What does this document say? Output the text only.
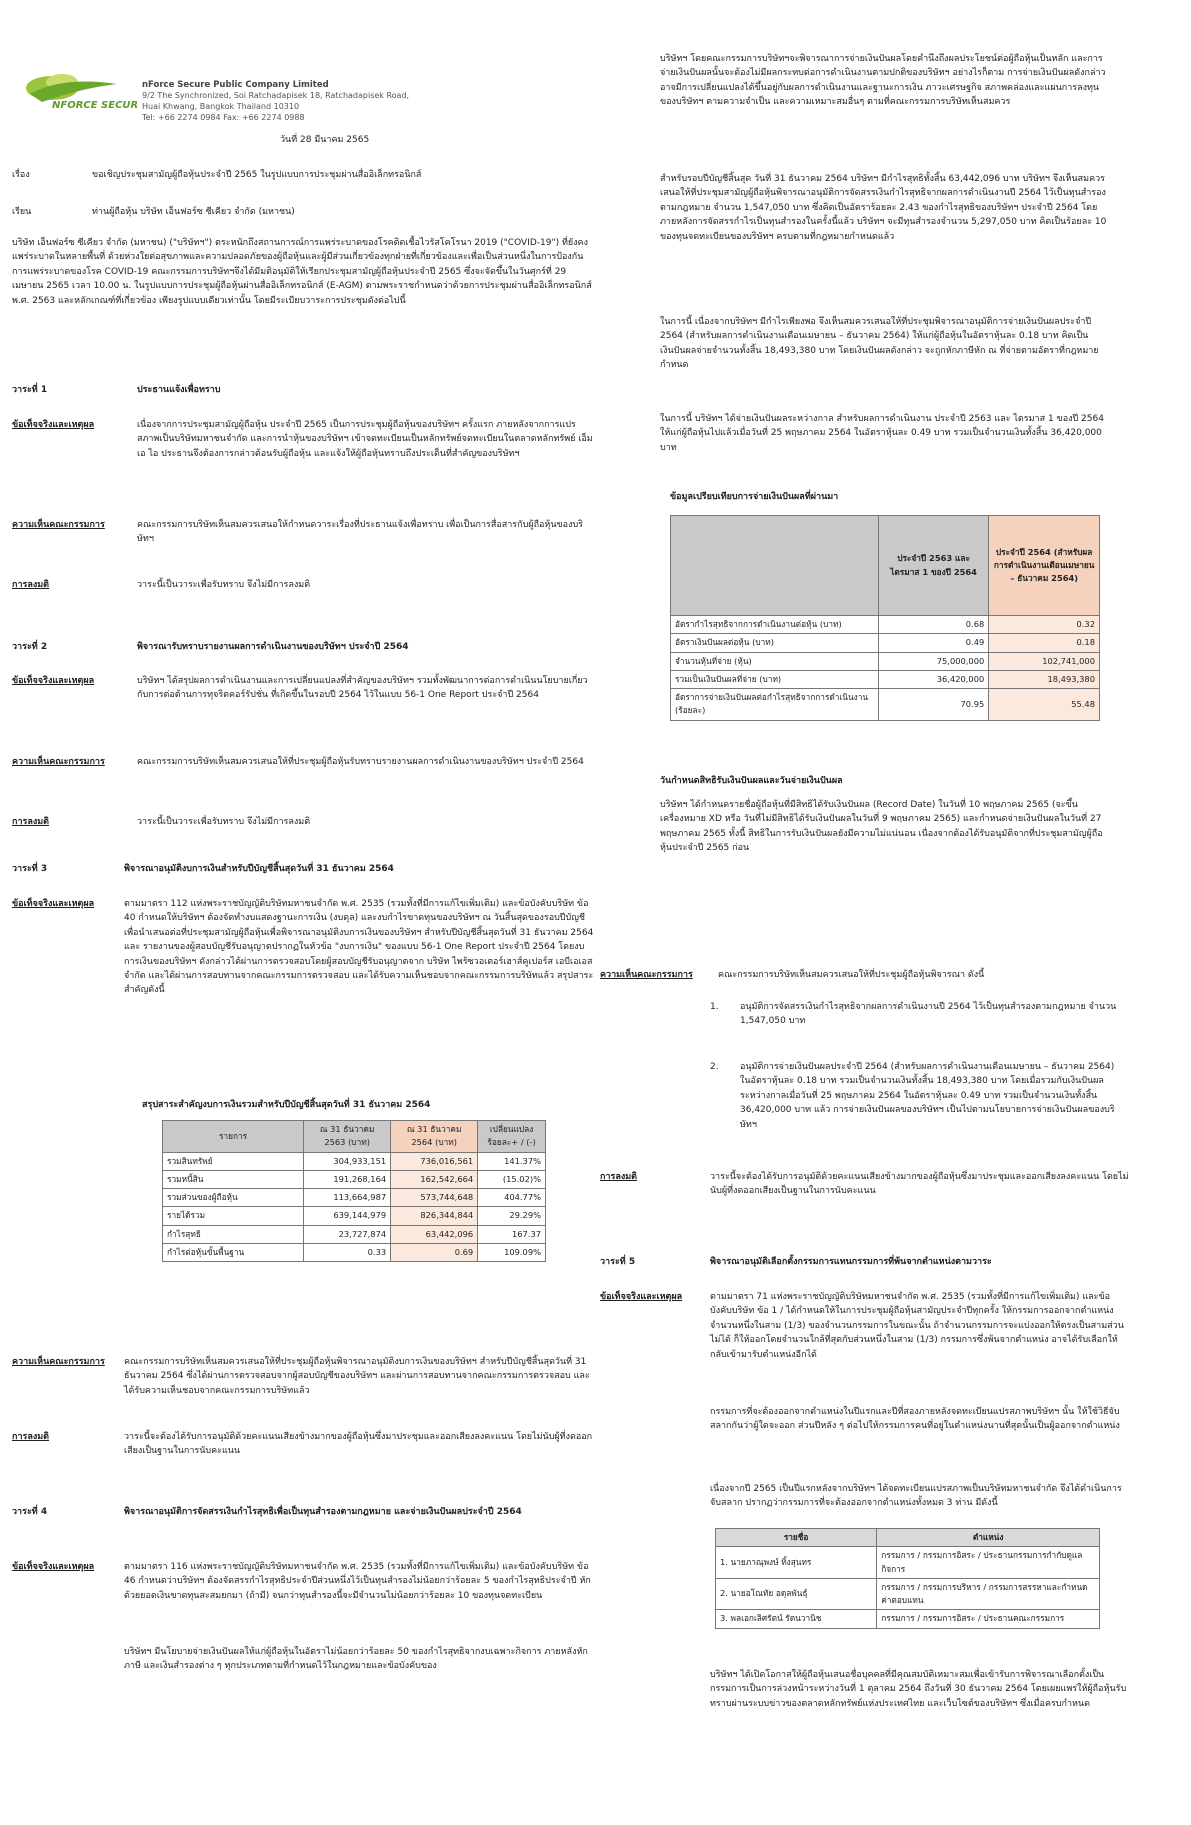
NFORCE SECURE
nForce Secure Public Company Limited
9/2 The Synchronized, Soi Ratchadapisek 18, Ratchadapisek Road,
Huai Khwang, Bangkok Thailand 10310
Tel: +66 2274 0984 Fax: +66 2274 0988
วันที่ 28 มีนาคม 2565
เรื่อง	ขอเชิญประชุมสามัญผู้ถือหุ้นประจำปี 2565 ในรูปแบบการประชุมผ่านสื่ออิเล็กทรอนิกส์
เรียน	ท่านผู้ถือหุ้น บริษัท เอ็นฟอร์ซ ซีเคียว จำกัด (มหาชน)

บริษัท เอ็นฟอร์ซ ซีเคียว จำกัด (มหาชน) ("บริษัทฯ") ตระหนักถึงสถานการณ์การแพร่ระบาดของโรคติดเชื้อไวรัสโคโรนา 2019 ("COVID-19") ที่ยังคงแพร่ระบาดในหลายพื้นที่ ด้วยห่วงใยต่อสุขภาพและความปลอดภัยของผู้ถือหุ้นและผู้มีส่วนเกี่ยวข้องทุกฝ่ายที่เกี่ยวข้องและเพื่อเป็นส่วนหนึ่งในการป้องกันการแพร่ระบาดของโรค COVID-19 คณะกรรมการบริษัทฯจึงได้มีมติอนุมัติให้เรียกประชุมสามัญผู้ถือหุ้นประจำปี 2565 ซึ่งจะจัดขึ้นในวันศุกร์ที่ 29 เมษายน 2565 เวลา 10.00 น. ในรูปแบบการประชุมผู้ถือหุ้นผ่านสื่ออิเล็กทรอนิกส์ (E-AGM) ตามพระราชกำหนดว่าด้วยการประชุมผ่านสื่ออิเล็กทรอนิกส์ พ.ศ. 2563 และหลักเกณฑ์ที่เกี่ยวข้อง เพียงรูปแบบเดียวเท่านั้น โดยมีระเบียบวาระการประชุมดังต่อไปนี้

วาระที่ 1	ประธานแจ้งเพื่อทราบ
ข้อเท็จจริงและเหตุผล	เนื่องจากการประชุมสามัญผู้ถือหุ้น ประจำปี 2565 เป็นการประชุมผู้ถือหุ้นของบริษัทฯ ครั้งแรก ภายหลังจากการแปรสภาพเป็นบริษัทมหาชนจำกัด และการนำหุ้นของบริษัทฯ เข้าจดทะเบียนเป็นหลักทรัพย์จดทะเบียนในตลาดหลักทรัพย์ เอ็ม เอ ไอ ประธานจึงต้องการกล่าวต้อนรับผู้ถือหุ้น และแจ้งให้ผู้ถือหุ้นทราบถึงประเด็นที่สำคัญของบริษัทฯ

ความเห็นคณะกรรมการ	คณะกรรมการบริษัทเห็นสมควรเสนอให้กำหนดวาระเรื่องที่ประธานแจ้งเพื่อทราบ เพื่อเป็นการสื่อสารกับผู้ถือหุ้นของบริษัทฯ

การลงมติ	วาระนี้เป็นวาระเพื่อรับทราบ จึงไม่มีการลงมติ

วาระที่ 2	พิจารณารับทราบรายงานผลการดำเนินงานของบริษัทฯ ประจำปี 2564
ข้อเท็จจริงและเหตุผล	บริษัทฯ ได้สรุปผลการดำเนินงานและการเปลี่ยนแปลงที่สำคัญของบริษัทฯ รวมทั้งพัฒนาการต่อการดำเนินนโยบายเกี่ยวกับการต่อต้านการทุจริตคอร์รัปชั่น ที่เกิดขึ้นในรอบปี 2564 ไว้ในแบบ 56-1 One Report ประจำปี 2564

ความเห็นคณะกรรมการ	คณะกรรมการบริษัทเห็นสมควรเสนอให้ที่ประชุมผู้ถือหุ้นรับทราบรายงานผลการดำเนินงานของบริษัทฯ ประจำปี 2564

การลงมติ	วาระนี้เป็นวาระเพื่อรับทราบ จึงไม่มีการลงมติ

วาระที่ 3	พิจารณาอนุมัติงบการเงินสำหรับปีบัญชีสิ้นสุดวันที่ 31 ธันวาคม 2564
ข้อเท็จจริงและเหตุผล	ตามมาตรา 112 แห่งพระราชบัญญัติบริษัทมหาชนจำกัด พ.ศ. 2535 (รวมทั้งที่มีการแก้ไขเพิ่มเติม) และข้อบังคับบริษัท ข้อ 40 กำหนดให้บริษัทฯ ต้องจัดทำงบแสดงฐานะการเงิน (งบดุล) และงบกำไรขาดทุนของบริษัทฯ ณ วันสิ้นสุดของรอบปีบัญชี เพื่อนำเสนอต่อที่ประชุมสามัญผู้ถือหุ้นเพื่อพิจารณาอนุมัติงบการเงินของบริษัทฯ สำหรับปีบัญชีสิ้นสุดวันที่ 31 ธันวาคม 2564 และ รายงานของผู้สอบบัญชีรับอนุญาตปรากฏในหัวข้อ "งบการเงิน" ของแบบ 56-1 One Report ประจำปี 2564 โดยงบการเงินของบริษัทฯ ดังกล่าวได้ผ่านการตรวจสอบโดยผู้สอบบัญชีรับอนุญาตจาก บริษัท ไพร้ซวอเตอร์เฮาส์คูเปอร์ส เอบีเอเอส จำกัด และได้ผ่านการสอบทานจากคณะกรรมการตรวจสอบ และได้รับความเห็นชอบจากคณะกรรมการบริษัทแล้ว สรุปสาระสำคัญดังนี้

สรุปสาระสำคัญงบการเงินรวมสำหรับปีบัญชีสิ้นสุดวันที่ 31 ธันวาคม 2564
รายการ	ณ 31 ธันวาคม 2563 (บาท)	ณ 31 ธันวาคม 2564 (บาท)	เปลี่ยนแปลง ร้อยละ+ / (-)
รวมสินทรัพย์	304,933,151	736,016,561	141.37%
รวมหนี้สิน	191,268,164	162,542,664	(15.02)%
รวมส่วนของผู้ถือหุ้น	113,664,987	573,744,648	404.77%
รายได้รวม	639,144,979	826,344,844	29.29%
กำไรสุทธิ	23,727,874	63,442,096	167.37
กำไรต่อหุ้นขั้นพื้นฐาน	0.33	0.69	109.09%
ความเห็นคณะกรรมการ คณะกรรมการบริษัทเห็นสมควรเสนอให้ที่ประชุมผู้ถือหุ้นพิจารณาอนุมัติงบการเงินของบริษัทฯ สำหรับปีบัญชีสิ้นสุดวันที่ 31 ธันวาคม 2564 ซึ่งได้ผ่านการตรวจสอบจากผู้สอบบัญชีของบริษัทฯ และผ่านการสอบทานจากคณะกรรมการตรวจสอบ และได้รับความเห็นชอบจากคณะกรรมการบริษัทแล้ว

การลงมติ	วาระนี้จะต้องได้รับการอนุมัติด้วยคะแนนเสียงข้างมากของผู้ถือหุ้นซึ่งมาประชุมและออกเสียงลงคะแนน โดยไม่นับผู้ที่งดออกเสียงเป็นฐานในการนับคะแนน

วาระที่ 4	พิจารณาอนุมัติการจัดสรรเงินกำไรสุทธิเพื่อเป็นทุนสำรองตามกฎหมาย และจ่ายเงินปันผลประจำปี 2564

ข้อเท็จจริงและเหตุผล	ตามมาตรา 116 แห่งพระราชบัญญัติบริษัทมหาชนจำกัด พ.ศ. 2535 (รวมทั้งที่มีการแก้ไขเพิ่มเติม) และข้อบังคับบริษัท ข้อ 46 กำหนดว่าบริษัทฯ ต้องจัดสรรกำไรสุทธิประจำปีส่วนหนึ่งไว้เป็นทุนสำรองไม่น้อยกว่าร้อยละ 5 ของกำไรสุทธิประจำปี หักด้วยยอดเงินขาดทุนสะสมยกมา (ถ้ามี) จนกว่าทุนสำรองนี้จะมีจำนวนไม่น้อยกว่าร้อยละ 10 ของทุนจดทะเบียน

บริษัทฯ มีนโยบายจ่ายเงินปันผลให้แก่ผู้ถือหุ้นในอัตราไม่น้อยกว่าร้อยละ 50 ของกำไรสุทธิจากงบเฉพาะกิจการ ภายหลังหักภาษี และเงินสำรองต่าง ๆ ทุกประเภทตามที่กำหนดไว้ในกฎหมายและข้อบังคับของ

บริษัทฯ โดยคณะกรรมการบริษัทฯจะพิจารณาการจ่ายเงินปันผลโดยคำนึงถึงผลประโยชน์ต่อผู้ถือหุ้นเป็นหลัก และการจ่ายเงินปันผลนั้นจะต้องไม่มีผลกระทบต่อการดำเนินงานตามปกติของบริษัทฯ อย่างไรก็ตาม การจ่ายเงินปันผลดังกล่าวอาจมีการเปลี่ยนแปลงได้ขึ้นอยู่กับผลการดำเนินงานและฐานะการเงิน ภาวะเศรษฐกิจ สภาพคล่องและแผนการลงทุนของบริษัทฯ ตามความจำเป็น และความเหมาะสมอื่นๆ ตามที่คณะกรรมการบริษัทเห็นสมควร

สำหรับรอบปีบัญชีสิ้นสุด วันที่ 31 ธันวาคม 2564 บริษัทฯ มีกำไรสุทธิทั้งสิ้น 63,442,096 บาท บริษัทฯ จึงเห็นสมควรเสนอให้ที่ประชุมสามัญผู้ถือหุ้นพิจารณาอนุมัติการจัดสรรเงินกำไรสุทธิจากผลการดำเนินงานปี 2564 ไว้เป็นทุนสำรองตามกฎหมาย จำนวน 1,547,050 บาท ซึ่งคิดเป็นอัตราร้อยละ 2.43 ของกำไรสุทธิของบริษัทฯ ประจำปี 2564 โดยภายหลังการจัดสรรกำไรเป็นทุนสำรองในครั้งนี้แล้ว บริษัทฯ จะมีทุนสำรองจำนวน 5,297,050 บาท คิดเป็นร้อยละ 10 ของทุนจดทะเบียนของบริษัทฯ ครบตามที่กฎหมายกำหนดแล้ว

ในการนี้ เนื่องจากบริษัทฯ มีกำไรเพียงพอ จึงเห็นสมควรเสนอให้ที่ประชุมพิจารณาอนุมัติการจ่ายเงินปันผลประจำปี 2564 (สำหรับผลการดำเนินงานเดือนเมษายน – ธันวาคม 2564) ให้แก่ผู้ถือหุ้นในอัตราหุ้นละ 0.18 บาท คิดเป็นเงินปันผลจ่ายจำนวนทั้งสิ้น 18,493,380 บาท โดยเงินปันผลดังกล่าว จะถูกหักภาษีหัก ณ ที่จ่ายตามอัตราที่กฎหมายกำหนด

ในการนี้ บริษัทฯ ได้จ่ายเงินปันผลระหว่างกาล สำหรับผลการดำเนินงาน ประจำปี 2563 และ ไตรมาส 1 ของปี 2564 ให้แก่ผู้ถือหุ้นไปแล้วเมื่อวันที่ 25 พฤษภาคม 2564 ในอัตราหุ้นละ 0.49 บาท รวมเป็นจำนวนเงินทั้งสิ้น 36,420,000 บาท

ข้อมูลเปรียบเทียบการจ่ายเงินปันผลที่ผ่านมา
	ประจำปี 2563 และ ไตรมาส 1 ของปี 2564	ประจำปี 2564 (สำหรับผลการดำเนินงานเดือนเมษายน – ธันวาคม 2564)
อัตรากำไรสุทธิจากการดำเนินงานต่อหุ้น (บาท)	0.68	0.32
อัตราเงินปันผลต่อหุ้น (บาท)	0.49	0.18
จำนวนหุ้นที่จ่าย (หุ้น)	75,000,000	102,741,000
รวมเป็นเงินปันผลที่จ่าย (บาท)	36,420,000	18,493,380
อัตราการจ่ายเงินปันผลต่อกำไรสุทธิจากการดำเนินงาน (ร้อยละ)	70.95	55.48
วันกำหนดสิทธิรับเงินปันผลและวันจ่ายเงินปันผล

บริษัทฯ ได้กำหนดรายชื่อผู้ถือหุ้นที่มีสิทธิได้รับเงินปันผล (Record Date) ในวันที่ 10 พฤษภาคม 2565 (จะขึ้นเครื่องหมาย XD หรือ วันที่ไม่มีสิทธิได้รับเงินปันผลในวันที่ 9 พฤษภาคม 2565) และกำหนดจ่ายเงินปันผลในวันที่ 27 พฤษภาคม 2565 ทั้งนี้ สิทธิในการรับเงินปันผลยังมีความไม่แน่นอน เนื่องจากต้องได้รับอนุมัติจากที่ประชุมสามัญผู้ถือหุ้นประจำปี 2565 ก่อน

ความเห็นคณะกรรมการ	คณะกรรมการบริษัทเห็นสมควรเสนอให้ที่ประชุมผู้ถือหุ้นพิจารณา ดังนี้
1. อนุมัติการจัดสรรเงินกำไรสุทธิจากผลการดำเนินงานปี 2564 ไว้เป็นทุนสำรองตามกฎหมาย จำนวน 1,547,050 บาท

2. อนุมัติการจ่ายเงินปันผลประจำปี 2564 (สำหรับผลการดำเนินงานเดือนเมษายน – ธันวาคม 2564) ในอัตราหุ้นละ 0.18 บาท รวมเป็นจำนวนเงินทั้งสิ้น 18,493,380 บาท โดยเมื่อรวมกับเงินปันผลระหว่างกาลเมื่อวันที่ 25 พฤษภาคม 2564 ในอัตราหุ้นละ 0.49 บาท รวมเป็นจำนวนเงินทั้งสิ้น 36,420,000 บาท แล้ว การจ่ายเงินปันผลของบริษัทฯ เป็นไปตามนโยบายการจ่ายเงินปันผลของบริษัทฯ

การลงมติ	วาระนี้จะต้องได้รับการอนุมัติด้วยคะแนนเสียงข้างมากของผู้ถือหุ้นซึ่งมาประชุมและออกเสียงลงคะแนน โดยไม่นับผู้ที่งดออกเสียงเป็นฐานในการนับคะแนน

วาระที่ 5	พิจารณาอนุมัติเลือกตั้งกรรมการแทนกรรมการที่พ้นจากตำแหน่งตามวาระ
ข้อเท็จจริงและเหตุผล	ตามมาตรา 71 แห่งพระราชบัญญัติบริษัทมหาชนจำกัด พ.ศ. 2535 (รวมทั้งที่มีการแก้ไขเพิ่มเติม) และข้อบังคับบริษัท ข้อ 1 / ได้กำหนดให้ในการประชุมผู้ถือหุ้นสามัญประจำปีทุกครั้ง ให้กรรมการออกจากตำแหน่งจำนวนหนึ่งในสาม (1/3) ของจำนวนกรรมการในขณะนั้น ถ้าจำนวนกรรมการจะแบ่งออกให้ตรงเป็นสามส่วนไม่ได้ ก็ให้ออกโดยจำนวนใกล้ที่สุดกับส่วนหนึ่งในสาม (1/3) กรรมการซึ่งพ้นจากตำแหน่ง อาจได้รับเลือกให้กลับเข้ามารับตำแหน่งอีกได้

กรรมการที่จะต้องออกจากตำแหน่งในปีแรกและปีที่สองภายหลังจดทะเบียนแปรสภาพบริษัทฯ นั้น ให้ใช้วิธีจับสลากกันว่าผู้ใดจะออก ส่วนปีหลัง ๆ ต่อไปให้กรรมการคนที่อยู่ในตำแหน่งนานที่สุดนั้นเป็นผู้ออกจากตำแหน่ง

เนื่องจากปี 2565 เป็นปีแรกหลังจากบริษัทฯ ได้จดทะเบียนแปรสภาพเป็นบริษัทมหาชนจำกัด จึงได้ดำเนินการจับสลาก ปรากฏว่ากรรมการที่จะต้องออกจากตำแหน่งทั้งหมด 3 ท่าน มีดังนี้

รายชื่อ	ตำแหน่ง
1. นายภาณุพงษ์ ทิ้งสุนทร	กรรมการ / กรรมการอิสระ / ประธานกรรมการกำกับดูแลกิจการ
2. นายอโณทัย อดุลพันธุ์	กรรมการ / กรรมการบริหาร / กรรมการสรรหาและกำหนดค่าตอบแทน
3. พลเอกเลิศรัตน์ รัตนวานิช	กรรมการ / กรรมการอิสระ / ประธานคณะกรรมการ

บริษัทฯ ได้เปิดโอกาสให้ผู้ถือหุ้นเสนอชื่อบุคคลที่มีคุณสมบัติเหมาะสมเพื่อเข้ารับการพิจารณาเลือกตั้งเป็นกรรมการเป็นการล่วงหน้าระหว่างวันที่ 1 ตุลาคม 2564 ถึงวันที่ 30 ธันวาคม 2564 โดยเผยแพร่ให้ผู้ถือหุ้นรับทราบผ่านระบบข่าวของตลาดหลักทรัพย์แห่งประเทศไทย และเว็บไซต์ของบริษัทฯ ซึ่งเมื่อครบกำหนด
